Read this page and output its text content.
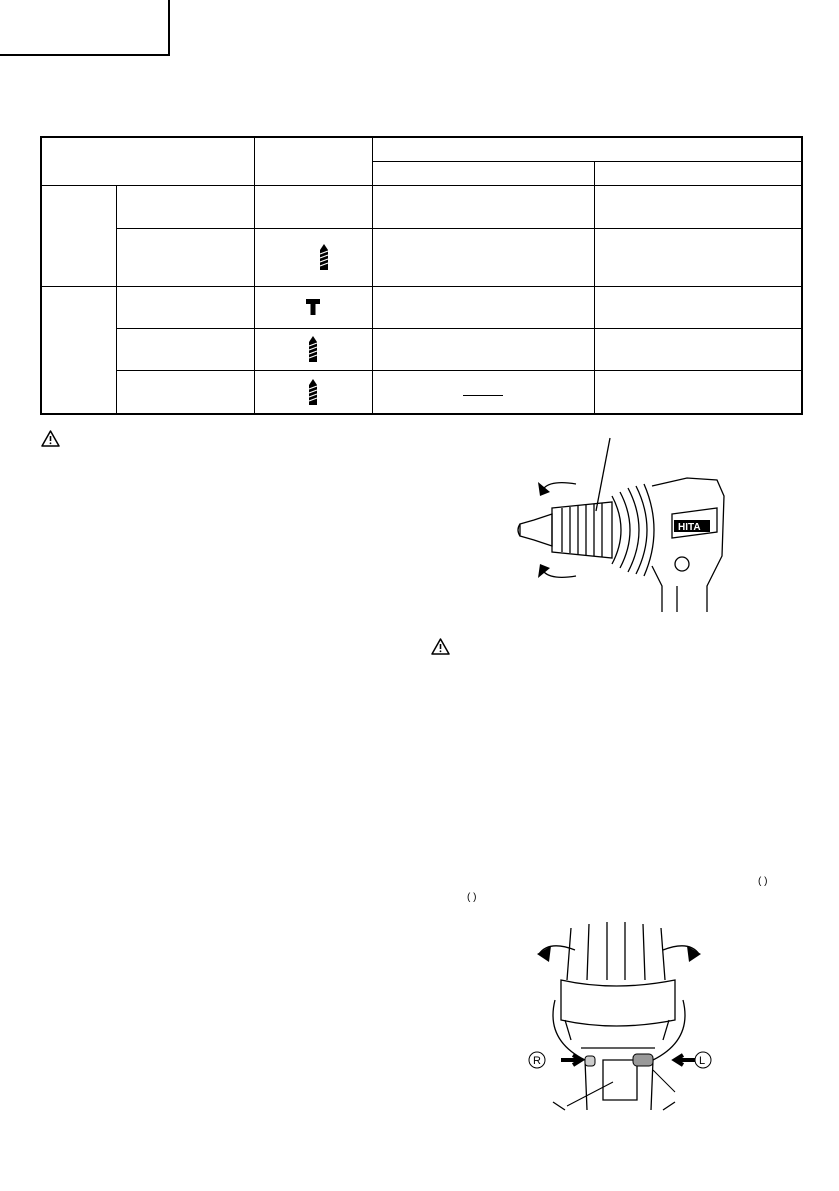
HITA
( )
( )
R	L
